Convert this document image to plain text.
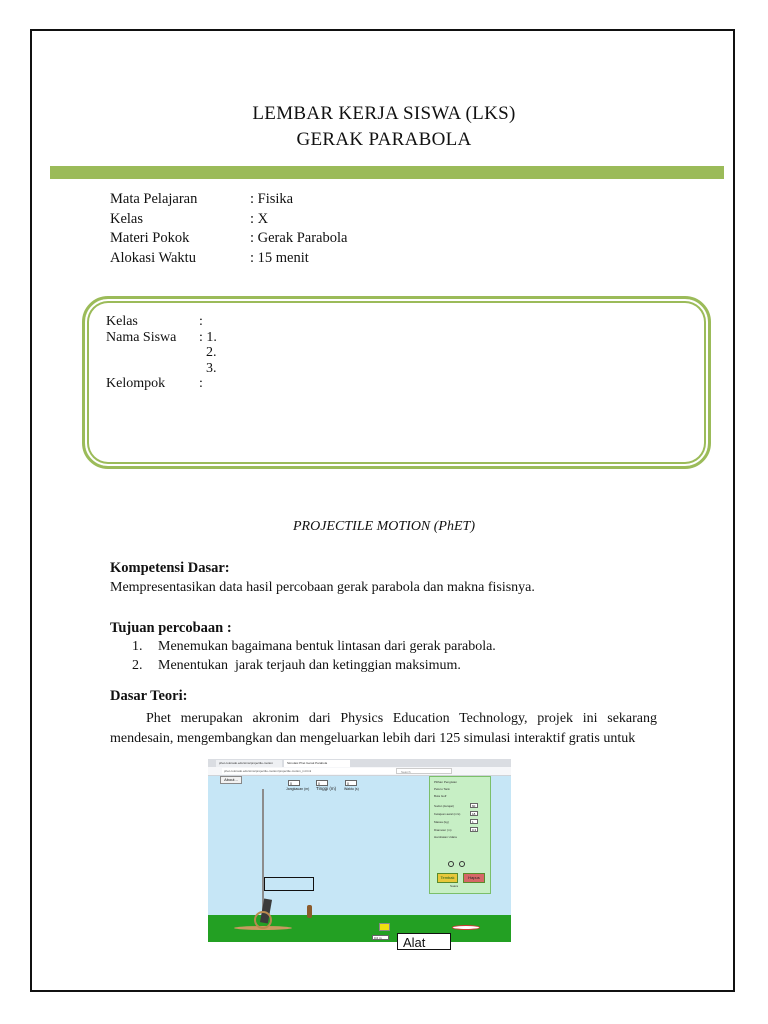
LEMBAR KERJA SISWA (LKS)
GERAK PARABOLA
Mata Pelajaran	: Fisika
Kelas	: X
Materi Pokok	: Gerak Parabola
Alokasi Waktu	: 15 menit
Kelas	:
Nama Siswa : 1.
2.
3.
Kelompok :
PROJECTILE MOTION (PhET)
Kompetensi Dasar:
Mempresentasikan data hasil percobaan gerak parabola dan makna fisisnya.
Tujuan percobaan :
1. Menemukan bagaimana bentuk lintasan dari gerak parabola.
2. Menentukan  jarak terjauh dan ketinggian maksimum.
Dasar Teori:
Phet merupakan akronim dari Physics Education Technology, projek ini sekarang
mendesain, mengembangkan dan mengeluarkan lebih dari 125 simulasi interaktif gratis untuk
phet.colorado.edu/sims/projectile-motion	Simulasi Phet Gerak Parabola
phet.colorado.edu/sims/projectile-motion/projectile-motion_in.html	Search
About...
0	0	0
Jangkauan (m) Tinggi (m) Waktu (s)
Pilihan Pengisian
Peluru Tank
Bola Golf
Sudut (derajat)	60
Kelajuan awal (m/s)	18
Massa (kg)	1
Diameter (m)	0.3
Hambatan Udara
Tembak	Hapus
Suara
0.0 m	Alat
